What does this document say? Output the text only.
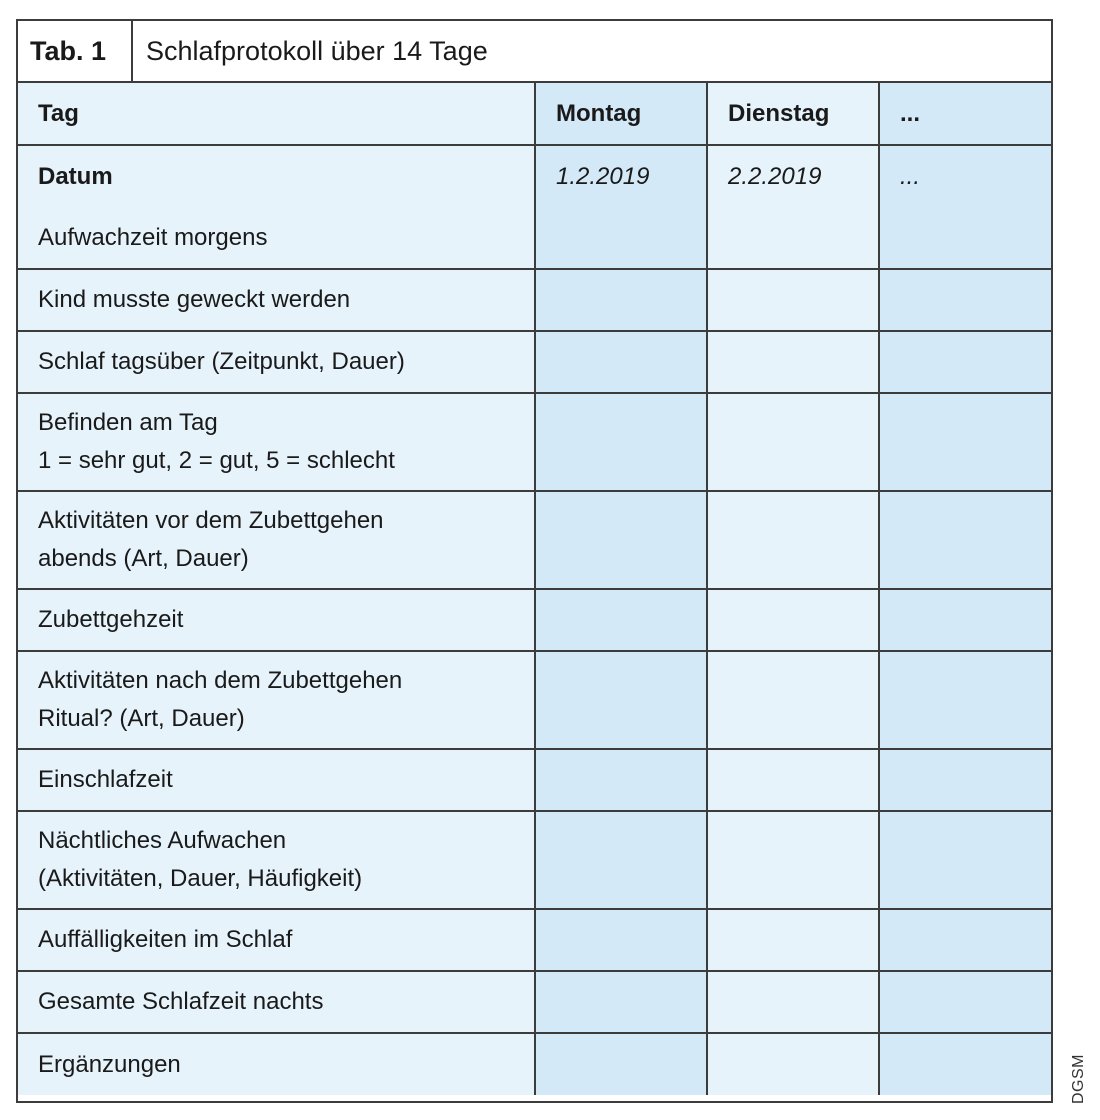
Tab. 1	Schlafprotokoll über 14 Tage
Tag	Montag	Dienstag	...
Datum	1.2.2019	2.2.2019	...

Aufwachzeit morgens			

Kind musste geweckt werden			

Schlaf tagsüber (Zeitpunkt, Dauer)			

Befinden am Tag
1 = sehr gut, 2 = gut, 5 = schlecht			

Aktivitäten vor dem Zubettgehen
abends (Art, Dauer)			

Zubettgehzeit			

Aktivitäten nach dem Zubettgehen
Ritual? (Art, Dauer)			

Einschlafzeit			

Nächtliches Aufwachen
(Aktivitäten, Dauer, Häufigkeit)			

Auffälligkeiten im Schlaf			

Gesamte Schlafzeit nachts			

Ergänzungen			
				DGSM
